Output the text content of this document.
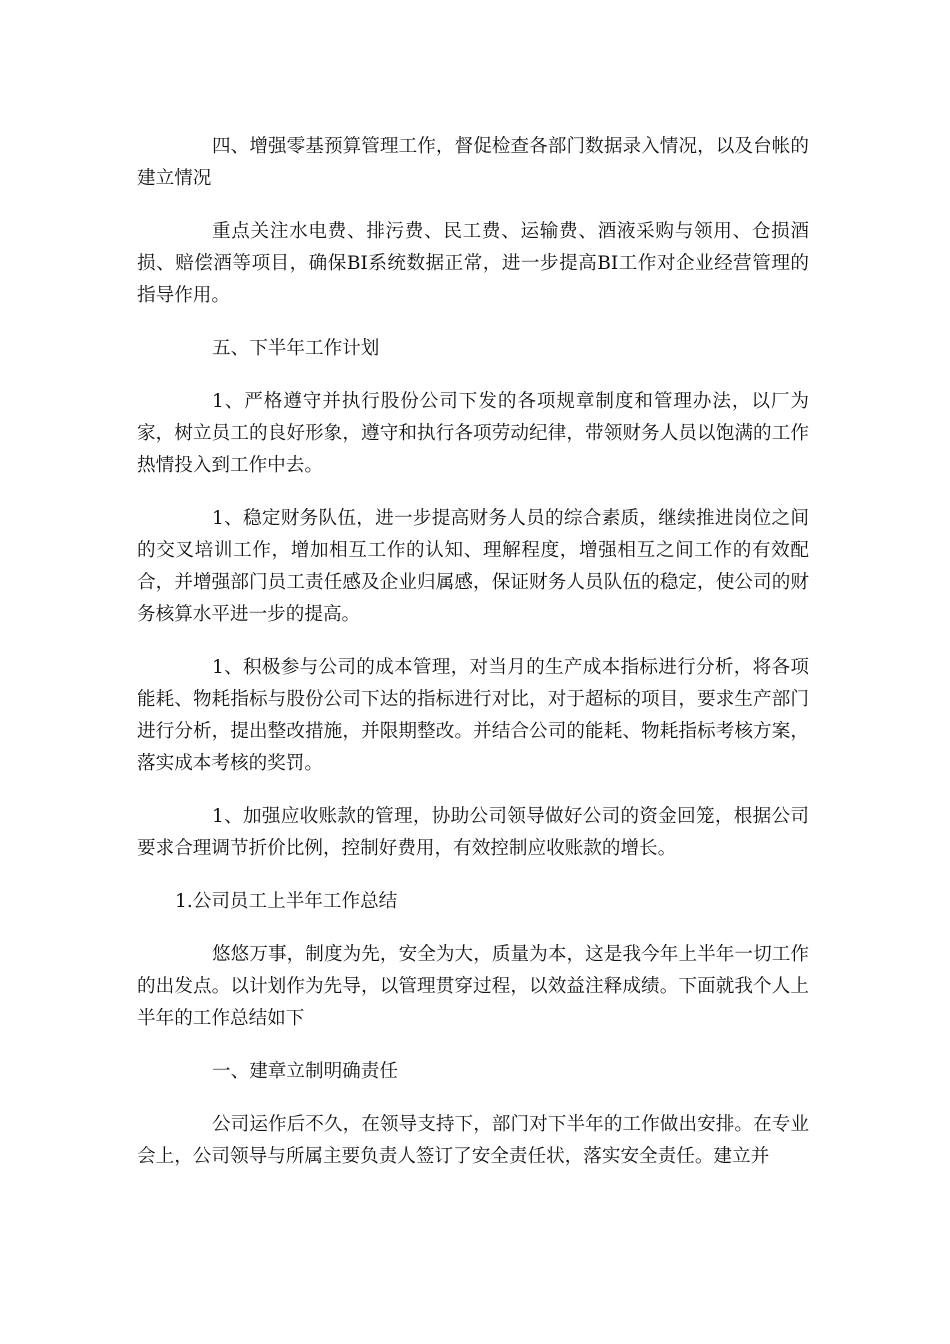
四、增强零基预算管理工作，督促检查各部门数据录入情况，以及台帐的建立情况

重点关注水电费、排污费、民工费、运输费、酒液采购与领用、仓损酒损、赔偿酒等项目，确保BI系统数据正常，进一步提高BI工作对企业经营管理的指导作用。

五、下半年工作计划

1、严格遵守并执行股份公司下发的各项规章制度和管理办法，以厂为家，树立员工的良好形象，遵守和执行各项劳动纪律，带领财务人员以饱满的工作热情投入到工作中去。

1、稳定财务队伍，进一步提高财务人员的综合素质，继续推进岗位之间的交叉培训工作，增加相互工作的认知、理解程度，增强相互之间工作的有效配合，并增强部门员工责任感及企业归属感，保证财务人员队伍的稳定，使公司的财务核算水平进一步的提高。

1、积极参与公司的成本管理，对当月的生产成本指标进行分析，将各项能耗、物耗指标与股份公司下达的指标进行对比，对于超标的项目，要求生产部门进行分析，提出整改措施，并限期整改。并结合公司的能耗、物耗指标考核方案，落实成本考核的奖罚。

1、加强应收账款的管理，协助公司领导做好公司的资金回笼，根据公司要求合理调节折价比例，控制好费用，有效控制应收账款的增长。

1.公司员工上半年工作总结

悠悠万事，制度为先，安全为大，质量为本，这是我今年上半年一切工作的出发点。以计划作为先导，以管理贯穿过程，以效益注释成绩。下面就我个人上半年的工作总结如下

一、建章立制明确责任

公司运作后不久，在领导支持下，部门对下半年的工作做出安排。在专业会上，公司领导与所属主要负责人签订了安全责任状，落实安全责任。建立并
